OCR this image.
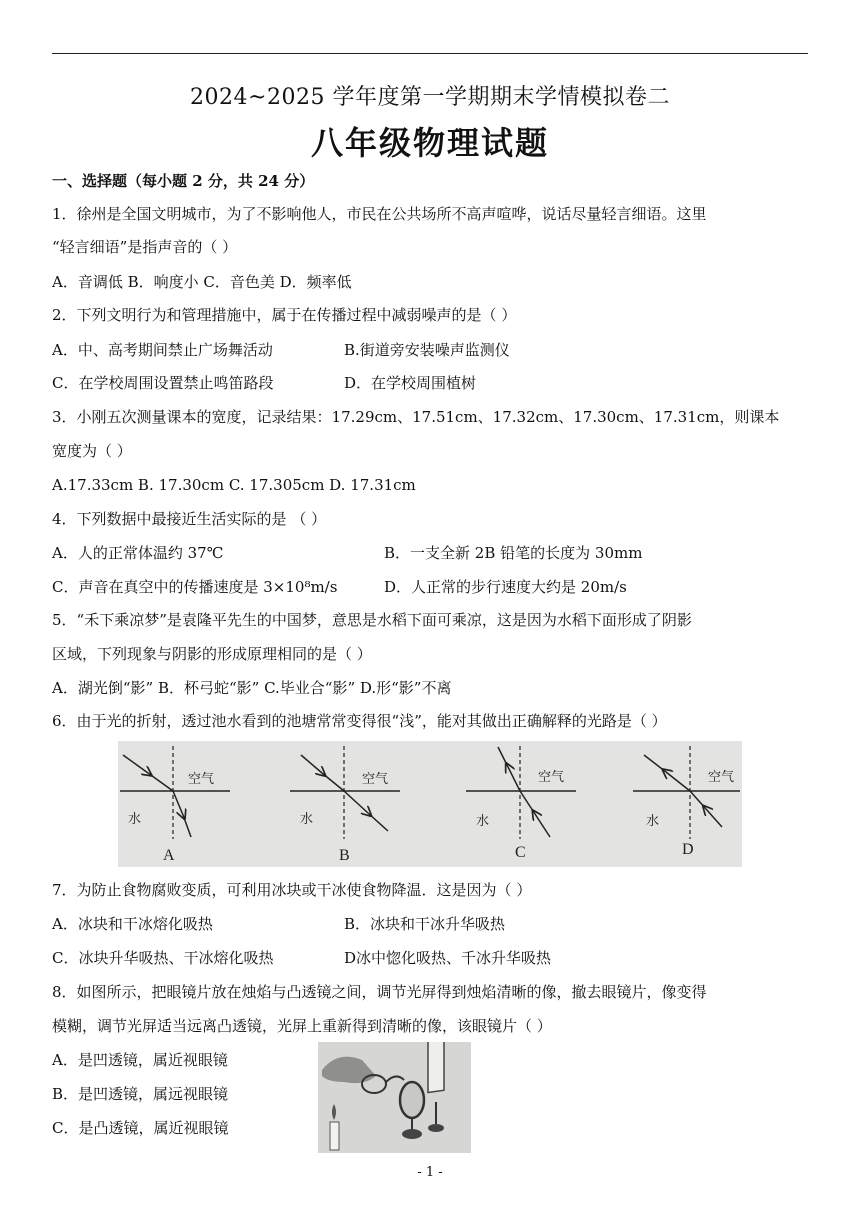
2024~2025 学年度第一学期期末学情模拟卷二
八年级物理试题
一、选择题（每小题 2 分，共 24 分）
1．徐州是全国文明城市，为了不影响他人，市民在公共场所不高声喧哗，说话尽量轻言细语。这里
“轻言细语”是指声音的（ ）
A．音调低 B．响度小 C．音色美 D．频率低
2．下列文明行为和管理措施中，属于在传播过程中减弱噪声的是（ ）
A．中、高考期间禁止广场舞活动	B.街道旁安装噪声监测仪
C．在学校周围设置禁止鸣笛路段	D．在学校周围植树
3．小刚五次测量课本的宽度，记录结果：17.29cm、17.51cm、17.32cm、17.30cm、17.31cm，则课本
宽度为（ ）
A.17.33cm B. 17.30cm C. 17.305cm D. 17.31cm
4．下列数据中最接近生活实际的是 （ ）
A．人的正常体温约 37℃	B．一支全新 2B 铅笔的长度为 30mm
C．声音在真空中的传播速度是 3×10⁸m/s	D．人正常的步行速度大约是 20m/s
5．“禾下乘凉梦”是袁隆平先生的中国梦，意思是水稻下面可乘凉，这是因为水稻下面形成了阴影
区域，下列现象与阴影的形成原理相同的是（ ）
A．湖光倒“影” B．杯弓蛇“影” C.毕业合“影” D.形“影”不离
6．由于光的折射，透过池水看到的池塘常常变得很“浅”，能对其做出正确解释的光路是（ ）
空气
水
A
空气
水
B
空气
水
C
空气
水
D
7．为防止食物腐败变质，可利用冰块或干冰使食物降温．这是因为（ ）
A．冰块和干冰熔化吸热	B．冰块和干冰升华吸热
C．冰块升华吸热、干冰熔化吸热	D冰中惚化吸热、千冰升华吸热
8．如图所示，把眼镜片放在烛焰与凸透镜之间，调节光屏得到烛焰清晰的像，撤去眼镜片，像变得
模糊，调节光屏适当远离凸透镜，光屏上重新得到清晰的像，该眼镜片（ ）
A．是凹透镜，属近视眼镜
B．是凹透镜，属远视眼镜
C．是凸透镜，属近视眼镜
- 1 -
